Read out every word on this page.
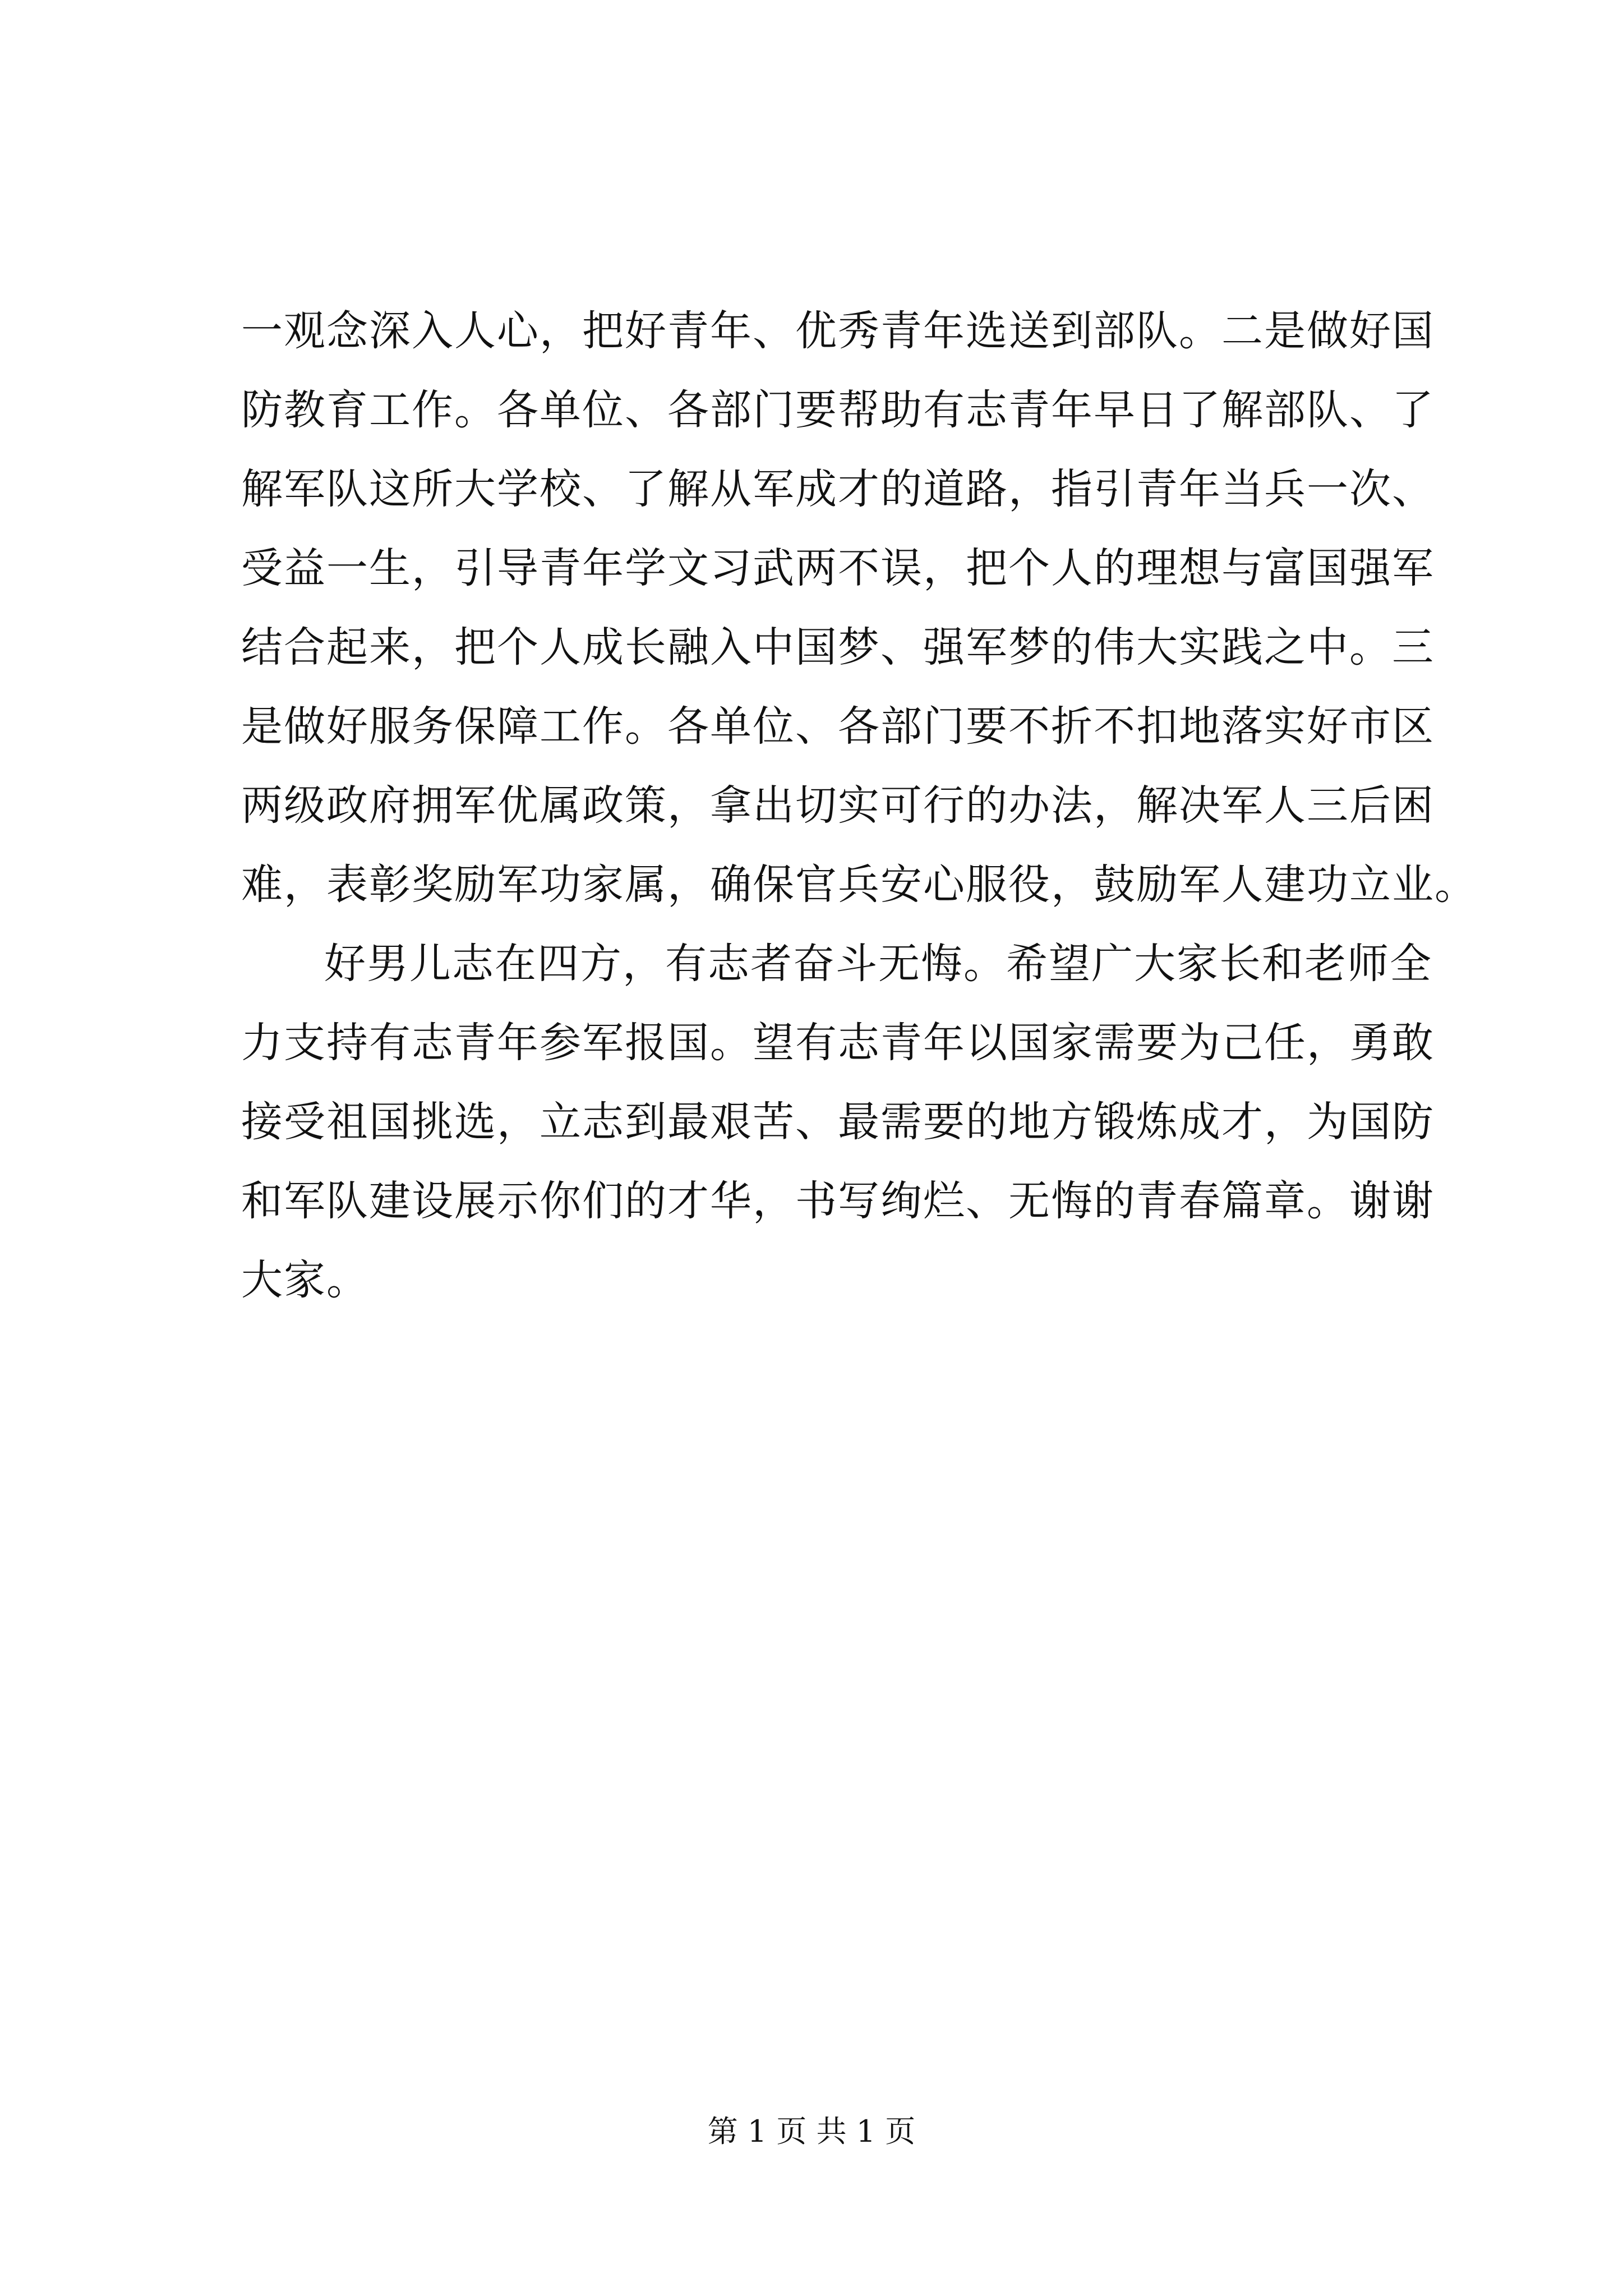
一观念深入人心，把好青年、优秀青年选送到部队。二是做好国
防教育工作。各单位、各部门要帮助有志青年早日了解部队、了
解军队这所大学校、了解从军成才的道路，指引青年当兵一次、
受益一生，引导青年学文习武两不误，把个人的理想与富国强军
结合起来，把个人成长融入中国梦、强军梦的伟大实践之中。三
是做好服务保障工作。各单位、各部门要不折不扣地落实好市区
两级政府拥军优属政策，拿出切实可行的办法，解决军人三后困
难，表彰奖励军功家属，确保官兵安心服役，鼓励军人建功立业。
好男儿志在四方，有志者奋斗无悔。希望广大家长和老师全
力支持有志青年参军报国。望有志青年以国家需要为己任，勇敢
接受祖国挑选，立志到最艰苦、最需要的地方锻炼成才，为国防
和军队建设展示你们的才华，书写绚烂、无悔的青春篇章。谢谢
大家。
第 1 页 共 1 页
